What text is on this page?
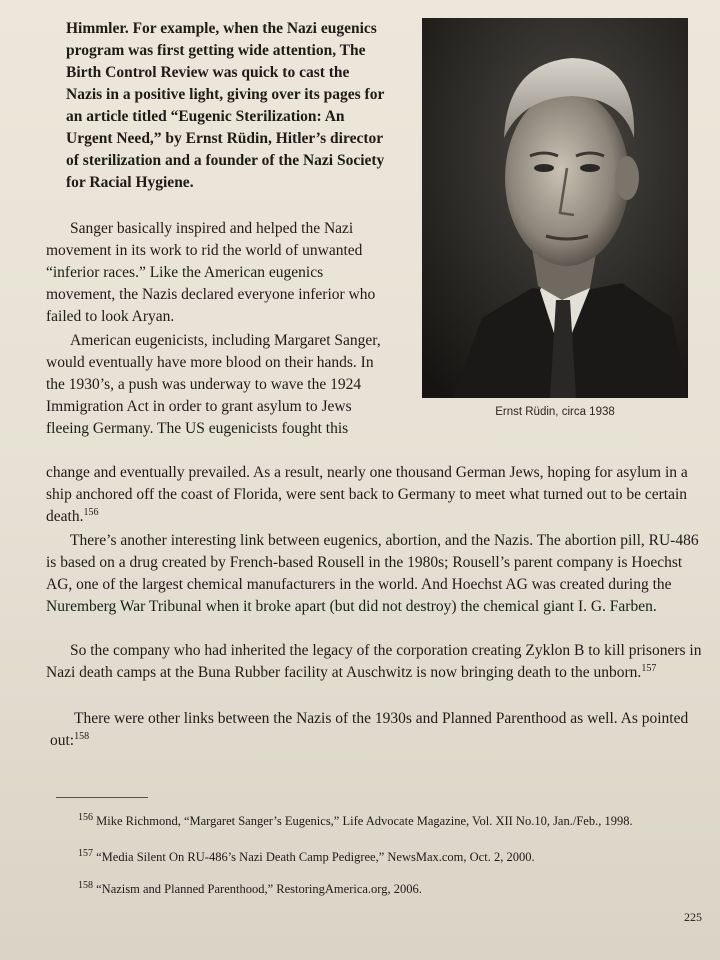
Himmler. For example, when the Nazi eugenics program was first getting wide attention, The Birth Control Review was quick to cast the Nazis in a positive light, giving over its pages for an article titled “Eugenic Sterilization: An Urgent Need,” by Ernst Rüdin, Hitler’s director of sterilization and a founder of the Nazi Society for Racial Hygiene.

Sanger basically inspired and helped the Nazi movement in its work to rid the world of unwanted “inferior races.” Like the American eugenics movement, the Nazis declared everyone inferior who failed to look Aryan.

American eugenicists, including Margaret Sanger, would eventually have more blood on their hands. In the 1930’s, a push was underway to wave the 1924 Immigration Act in order to grant asylum to Jews fleeing Germany. The US eugenicists fought this

change and eventually prevailed. As a result, nearly one thousand German Jews, hoping for asylum in a ship anchored off the coast of Florida, were sent back to Germany to meet what turned out to be certain death.$^{156}$

There’s another interesting link between eugenics, abortion, and the Nazis. The abortion pill, RU-486 is based on a drug created by French-based Rousell in the 1980s; Rousell’s parent company is Hoechst AG, one of the largest chemical manufacturers in the world. And Hoechst AG was created during the Nuremberg War Tribunal when it broke apart (but did not destroy) the chemical giant I. G. Farben.

So the company who had inherited the legacy of the corporation creating Zyklon B to kill prisoners in Nazi death camps at the Buna Rubber facility at Auschwitz is now bringing death to the unborn.$^{157}$

There were other links between the Nazis of the 1930s and Planned Parenthood as well. As pointed out:$^{158}$

Ernst Rüdin, circa 1938

$^{156}$ Mike Richmond, “Margaret Sanger’s Eugenics,” Life Advocate Magazine, Vol. XII No.10, Jan./Feb., 1998.

$^{157}$ “Media Silent On RU-486’s Nazi Death Camp Pedigree,” NewsMax.com, Oct. 2, 2000.

$^{158}$ “Nazism and Planned Parenthood,” RestoringAmerica.org, 2006.

225
